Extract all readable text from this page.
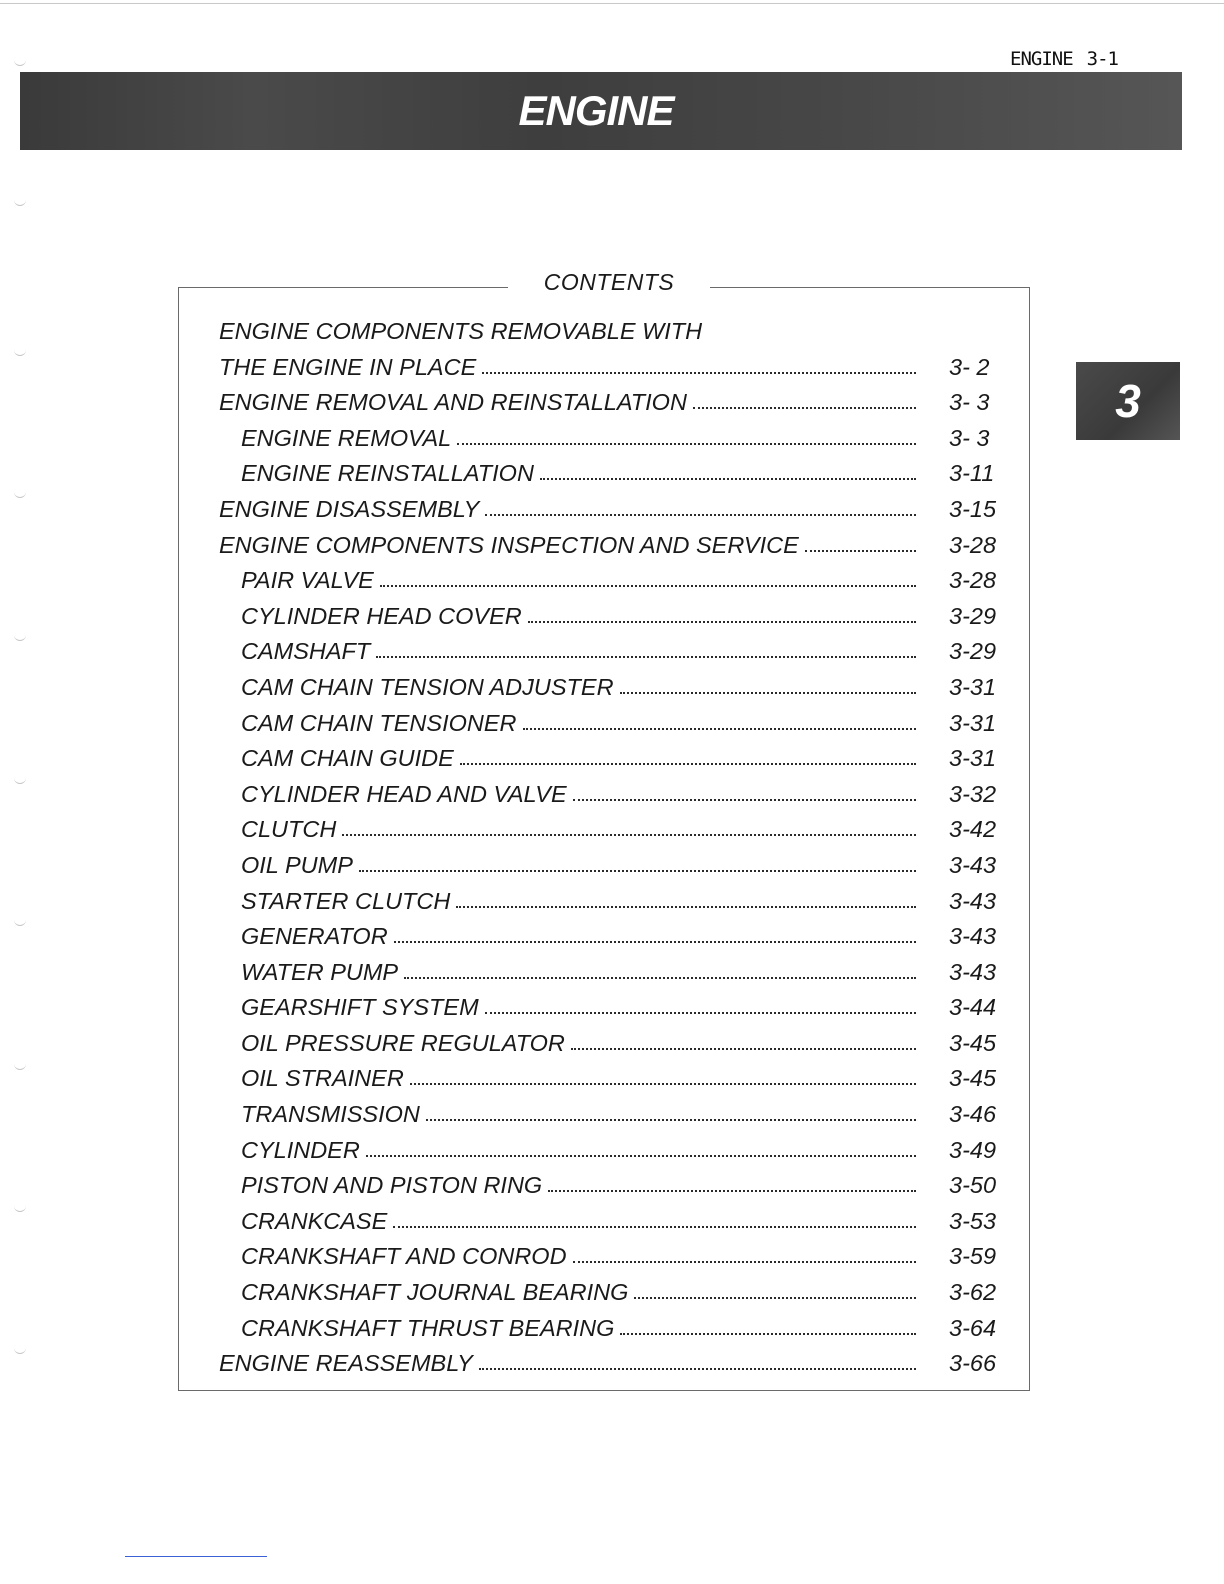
ENGINE 3-1
ENGINE
3
CONTENTS
ENGINE COMPONENTS REMOVABLE WITH
THE ENGINE IN PLACE	3- 2
ENGINE REMOVAL AND REINSTALLATION	3- 3
ENGINE REMOVAL	3- 3
ENGINE REINSTALLATION	3-11
ENGINE DISASSEMBLY	3-15
ENGINE COMPONENTS INSPECTION AND SERVICE	3-28
PAIR VALVE	3-28
CYLINDER HEAD COVER	3-29
CAMSHAFT	3-29
CAM CHAIN TENSION ADJUSTER	3-31
CAM CHAIN TENSIONER	3-31
CAM CHAIN GUIDE	3-31
CYLINDER HEAD AND VALVE	3-32
CLUTCH	3-42
OIL PUMP	3-43
STARTER CLUTCH	3-43
GENERATOR	3-43
WATER PUMP	3-43
GEARSHIFT SYSTEM	3-44
OIL PRESSURE REGULATOR	3-45
OIL STRAINER	3-45
TRANSMISSION	3-46
CYLINDER	3-49
PISTON AND PISTON RING	3-50
CRANKCASE	3-53
CRANKSHAFT AND CONROD	3-59
CRANKSHAFT JOURNAL BEARING	3-62
CRANKSHAFT THRUST BEARING	3-64
ENGINE REASSEMBLY	3-66
